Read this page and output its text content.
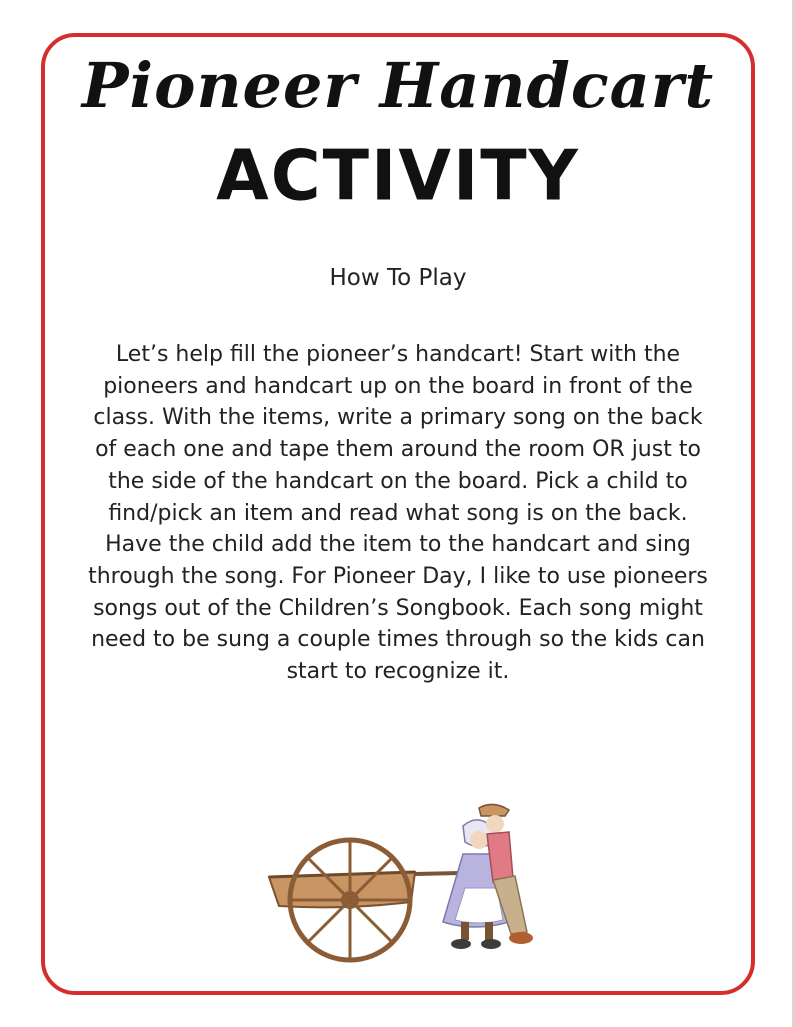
Pioneer Handcart
ACTIVITY
How To Play

Let’s help fill the pioneer’s handcart! Start with the pioneers and handcart up on the board in front of the class. With the items, write a primary song on the back of each one and tape them around the room OR just to the side of the handcart on the board. Pick a child to find/pick an item and read what song is on the back. Have the child add the item to the handcart and sing through the song. For Pioneer Day, I like to use pioneers songs out of the Children’s Songbook. Each song might need to be sung a couple times through so the kids can start to recognize it.
